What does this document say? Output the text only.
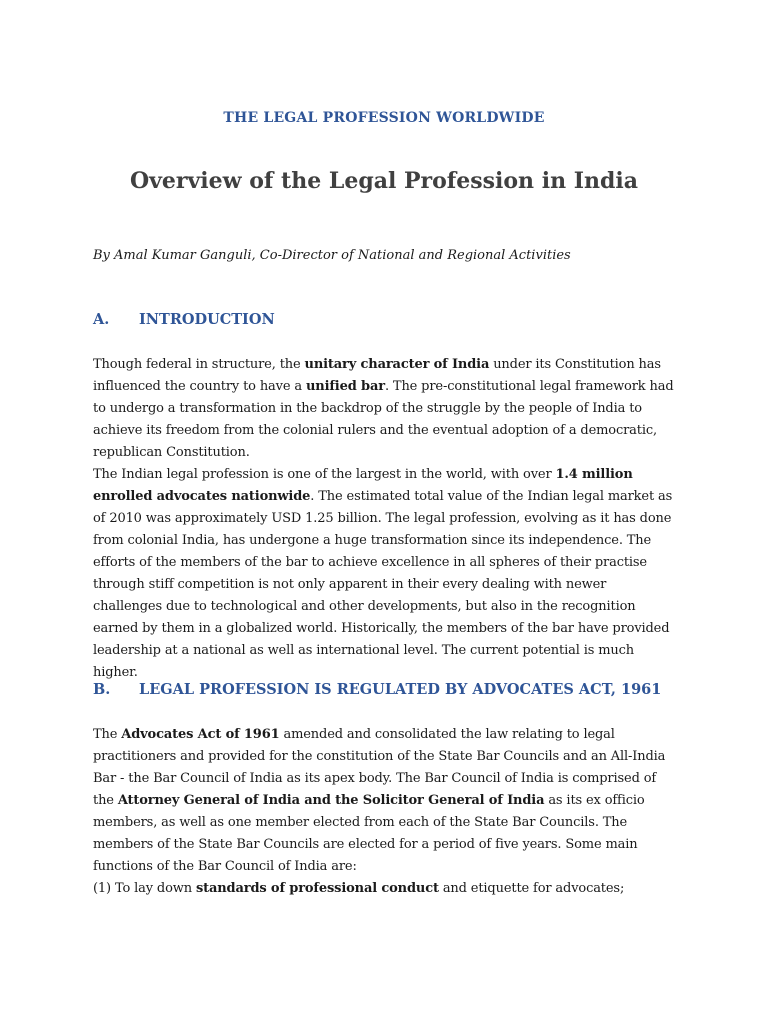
THE LEGAL PROFESSION WORLDWIDE
Overview of the Legal Profession in India
By Amal Kumar Ganguli, Co-Director of National and Regional Activities
A. INTRODUCTION

Though federal in structure, the unitary character of India under its Constitution has influenced the country to have a unified bar. The pre-constitutional legal framework had to undergo a transformation in the backdrop of the struggle by the people of India to achieve its freedom from the colonial rulers and the eventual adoption of a democratic, republican Constitution.

The Indian legal profession is one of the largest in the world, with over 1.4 million enrolled advocates nationwide. The estimated total value of the Indian legal market as of 2010 was approximately USD 1.25 billion. The legal profession, evolving as it has done from colonial India, has undergone a huge transformation since its independence. The efforts of the members of the bar to achieve excellence in all spheres of their practise through stiff competition is not only apparent in their every dealing with newer challenges due to technological and other developments, but also in the recognition earned by them in a globalized world. Historically, the members of the bar have provided leadership at a national as well as international level. The current potential is much higher.

B. LEGAL PROFESSION IS REGULATED BY ADVOCATES ACT, 1961

The Advocates Act of 1961 amended and consolidated the law relating to legal practitioners and provided for the constitution of the State Bar Councils and an All-India Bar - the Bar Council of India as its apex body. The Bar Council of India is comprised of the Attorney General of India and the Solicitor General of India as its ex officio members, as well as one member elected from each of the State Bar Councils. The members of the State Bar Councils are elected for a period of five years. Some main functions of the Bar Council of India are:

(1) To lay down standards of professional conduct and etiquette for advocates;
